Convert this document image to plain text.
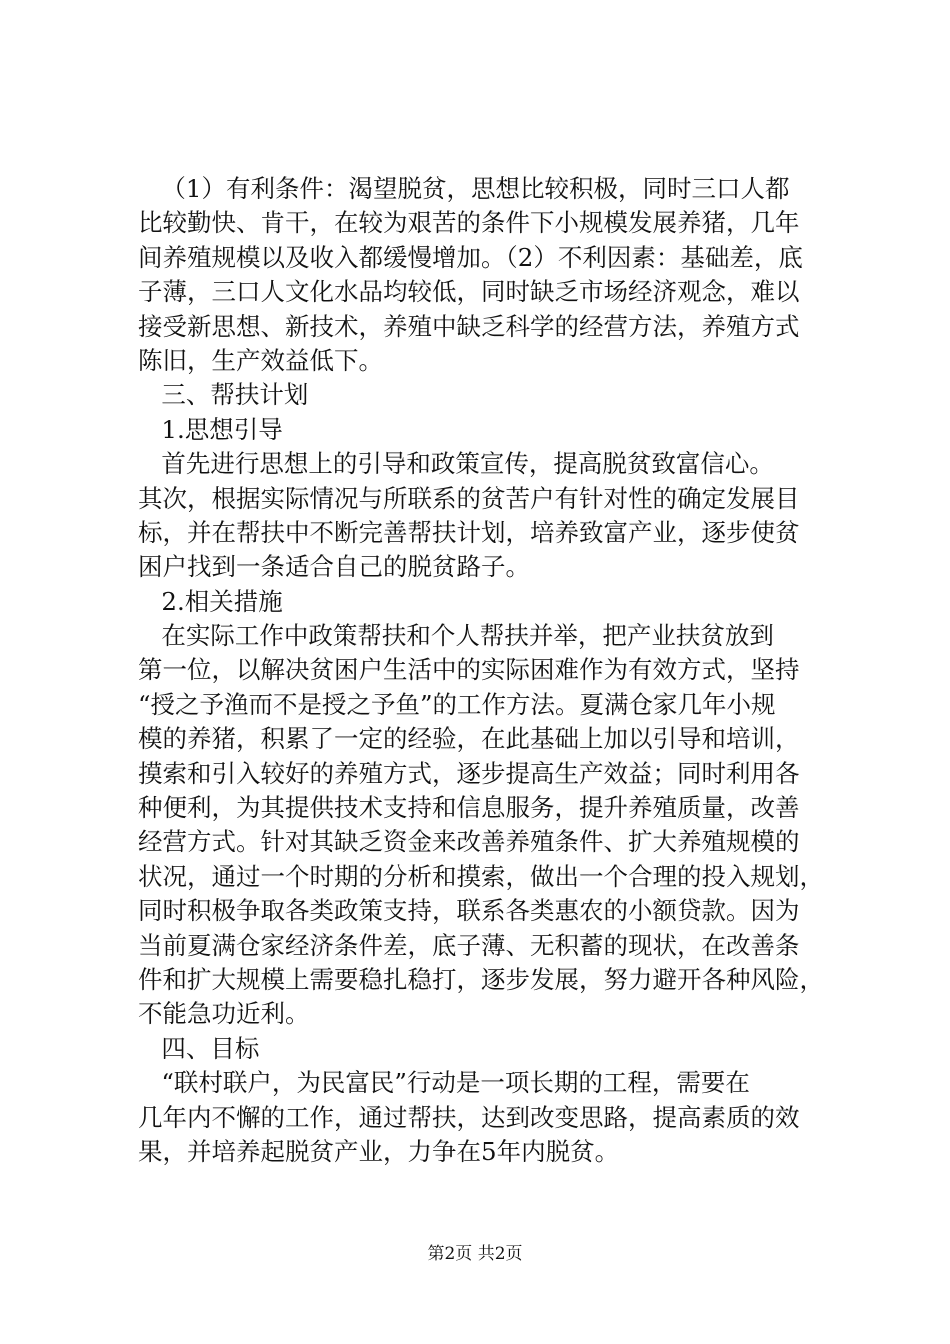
（1）有利条件：渴望脱贫，思想比较积极，同时三口人都
比较勤快、肯干，在较为艰苦的条件下小规模发展养猪，几年
间养殖规模以及收入都缓慢增加。（2）不利因素：基础差，底
子薄，三口人文化水品均较低，同时缺乏市场经济观念，难以
接受新思想、新技术，养殖中缺乏科学的经营方法，养殖方式
陈旧，生产效益低下。
三、帮扶计划
1.思想引导
首先进行思想上的引导和政策宣传，提高脱贫致富信心。
其次，根据实际情况与所联系的贫苦户有针对性的确定发展目
标，并在帮扶中不断完善帮扶计划，培养致富产业，逐步使贫
困户找到一条适合自己的脱贫路子。
2.相关措施
在实际工作中政策帮扶和个人帮扶并举，把产业扶贫放到
第一位，以解决贫困户生活中的实际困难作为有效方式，坚持
“授之予渔而不是授之予鱼”的工作方法。夏满仓家几年小规
模的养猪，积累了一定的经验，在此基础上加以引导和培训，
摸索和引入较好的养殖方式，逐步提高生产效益；同时利用各
种便利，为其提供技术支持和信息服务，提升养殖质量，改善
经营方式。针对其缺乏资金来改善养殖条件、扩大养殖规模的
状况，通过一个时期的分析和摸索，做出一个合理的投入规划，
同时积极争取各类政策支持，联系各类惠农的小额贷款。因为
当前夏满仓家经济条件差，底子薄、无积蓄的现状，在改善条
件和扩大规模上需要稳扎稳打，逐步发展，努力避开各种风险，
不能急功近利。
四、目标
“联村联户，为民富民”行动是一项长期的工程，需要在
几年内不懈的工作，通过帮扶，达到改变思路，提高素质的效
果，并培养起脱贫产业，力争在5年内脱贫。
第2页 共2页
